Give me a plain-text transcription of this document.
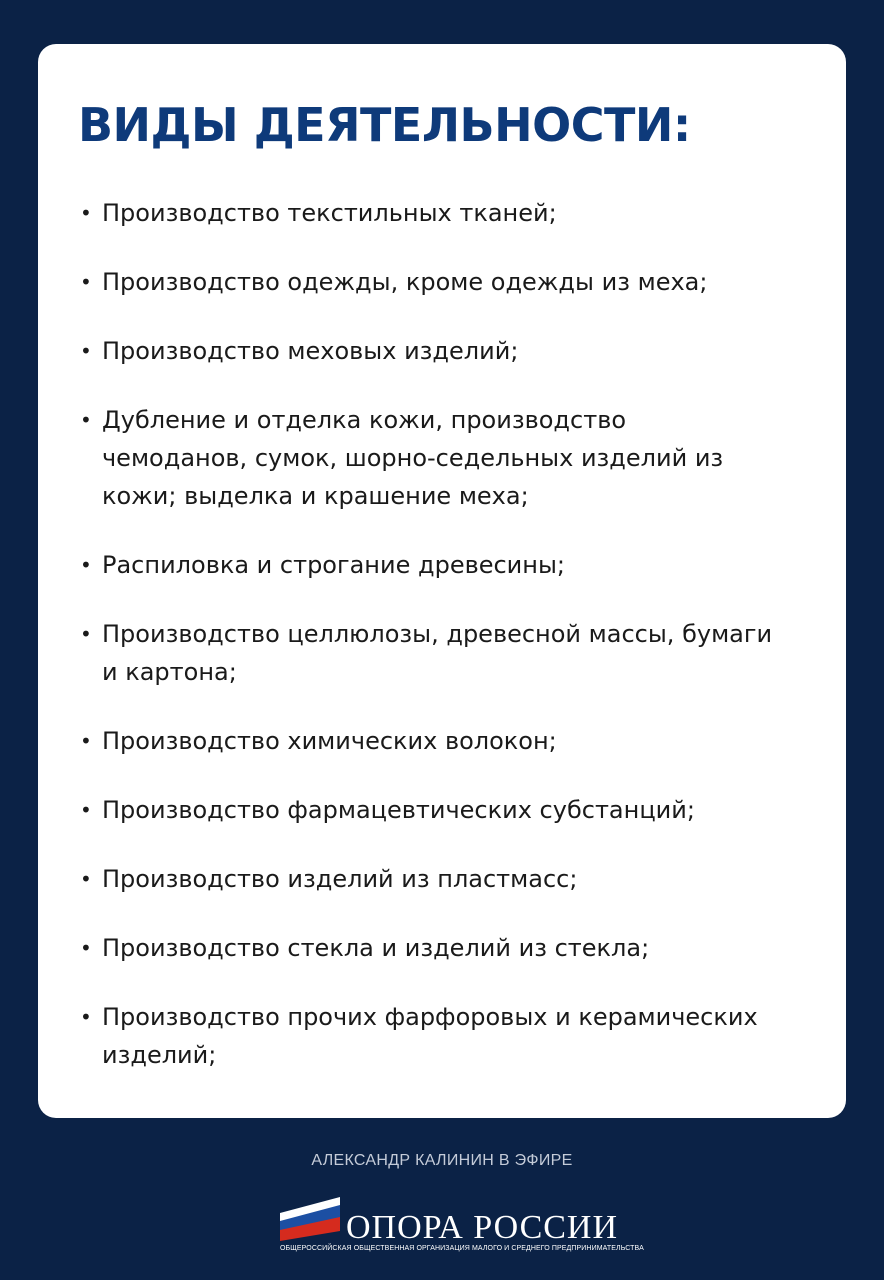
ВИДЫ ДЕЯТЕЛЬНОСТИ:
• Производство текстильных тканей;
• Производство одежды, кроме одежды из меха;
• Производство меховых изделий;
• Дубление и отделка кожи, производство чемоданов, сумок, шорно-седельных изделий из кожи; выделка и крашение меха;
• Распиловка и строгание древесины;
• Производство целлюлозы, древесной массы, бумаги и картона;
• Производство химических волокон;
• Производство фармацевтических субстанций;
• Производство изделий из пластмасс;
• Производство стекла и изделий из стекла;
• Производство прочих фарфоровых и керамических изделий;
АЛЕКСАНДР КАЛИНИН В ЭФИРЕ
ОПОРА РОССИИ
ОБЩЕРОССИЙСКАЯ ОБЩЕСТВЕННАЯ ОРГАНИЗАЦИЯ МАЛОГО И СРЕДНЕГО ПРЕДПРИНИМАТЕЛЬСТВА
